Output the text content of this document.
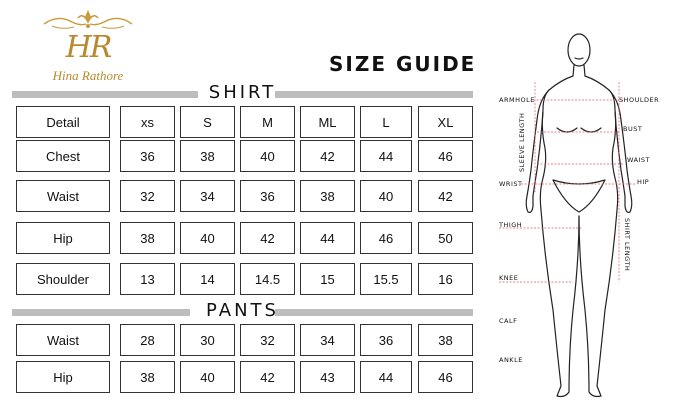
HR
Hina Rathore	SIZE GUIDE
SHIRT
PANTS
Detail	xs	S	M	ML	L	XL
Chest	36	38	40	42	44	46
Waist	32	34	36	38	40	42
Hip	38	40	42	44	46	50
Shoulder	13	14	14.5	15	15.5	16
Waist	28	30	32	34	36	38
Hip	38	40	42	43	44	46
ARMHOLE	SHOULDER
BUST
WAIST
WRIST	HIP
THIGH
KNEE
CALF
ANKLE
SLEEVE LENGTH
SHIRT LENGTH
